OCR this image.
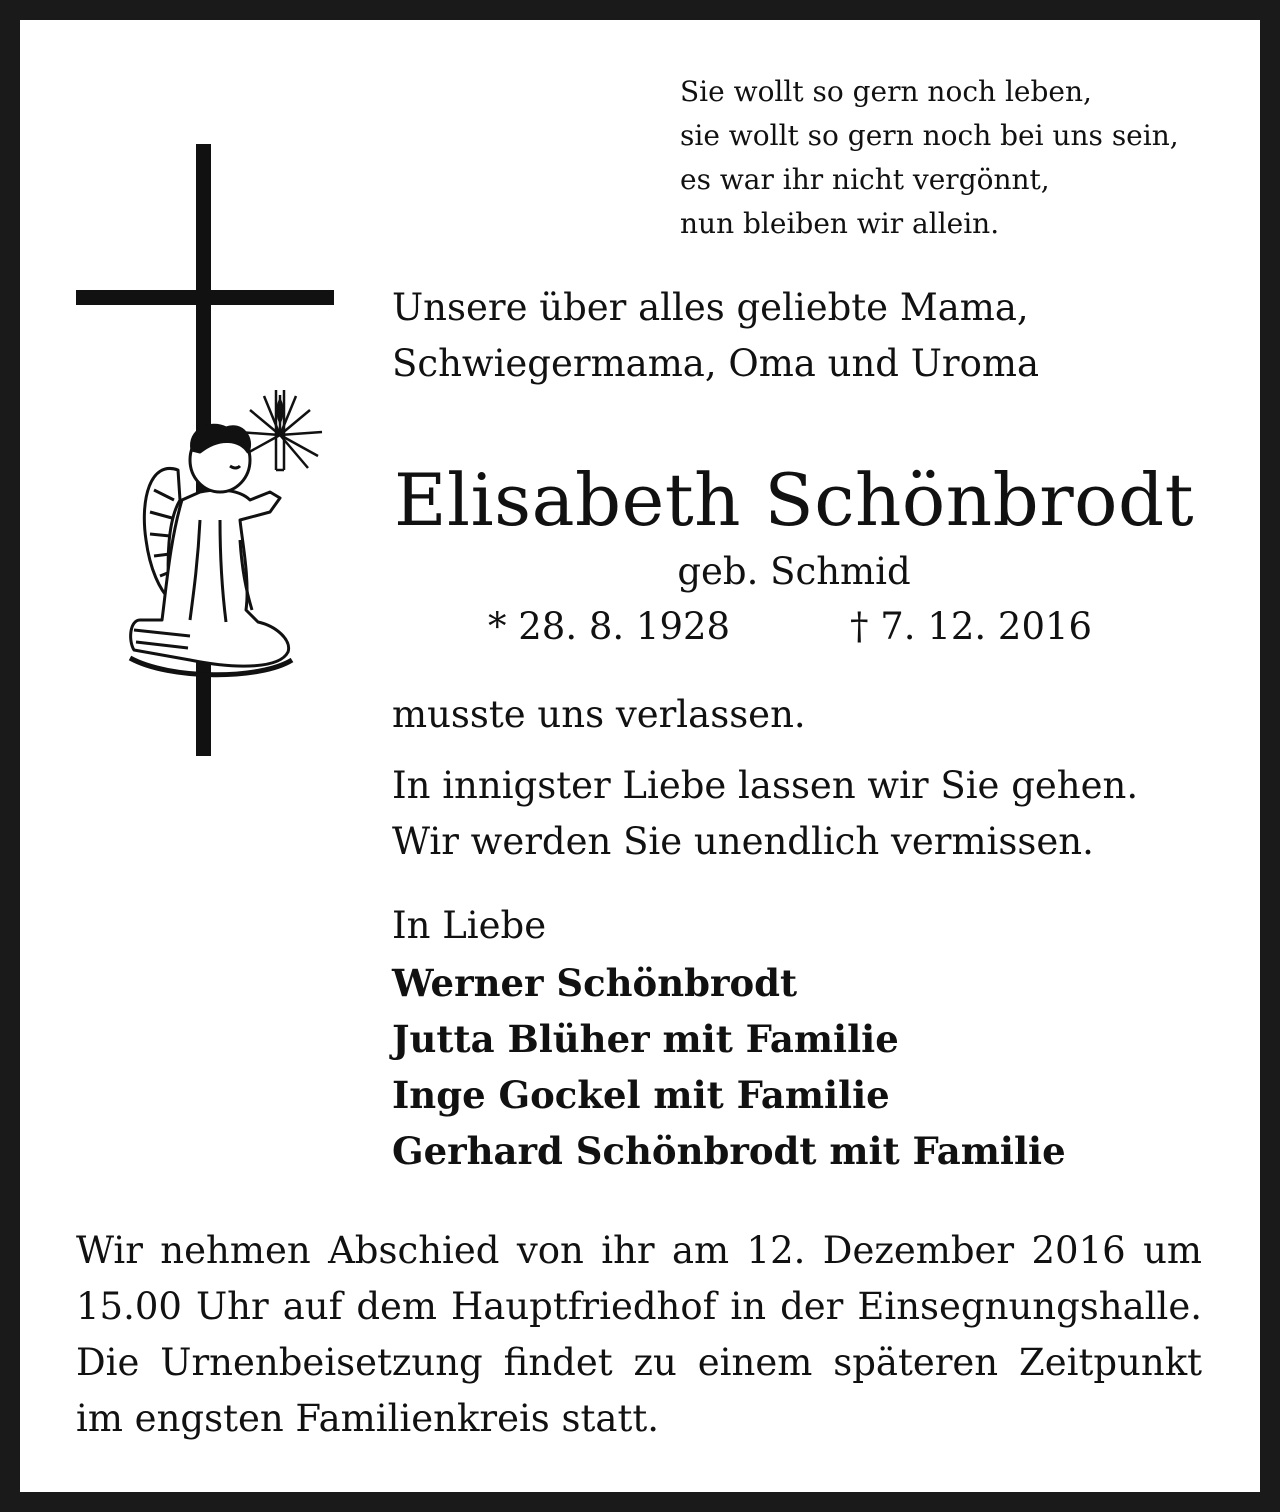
Sie wollt so gern noch leben,
sie wollt so gern noch bei uns sein,
es war ihr nicht vergönnt,
nun bleiben wir allein.
Unsere über alles geliebte Mama,
Schwiegermama, Oma und Uroma
Elisabeth Schönbrodt
geb. Schmid
* 28. 8. 1928	† 7. 12. 2016
musste uns verlassen.
In innigster Liebe lassen wir Sie gehen.
Wir werden Sie unendlich vermissen.
In Liebe
Werner Schönbrodt
Jutta Blüher mit Familie
Inge Gockel mit Familie
Gerhard Schönbrodt mit Familie
Wir nehmen Abschied von ihr am 12. Dezember 2016 um
15.00 Uhr auf dem Hauptfriedhof in der Einsegnungshalle.
Die Urnenbeisetzung findet zu einem späteren Zeitpunkt
im engsten Familienkreis statt.
